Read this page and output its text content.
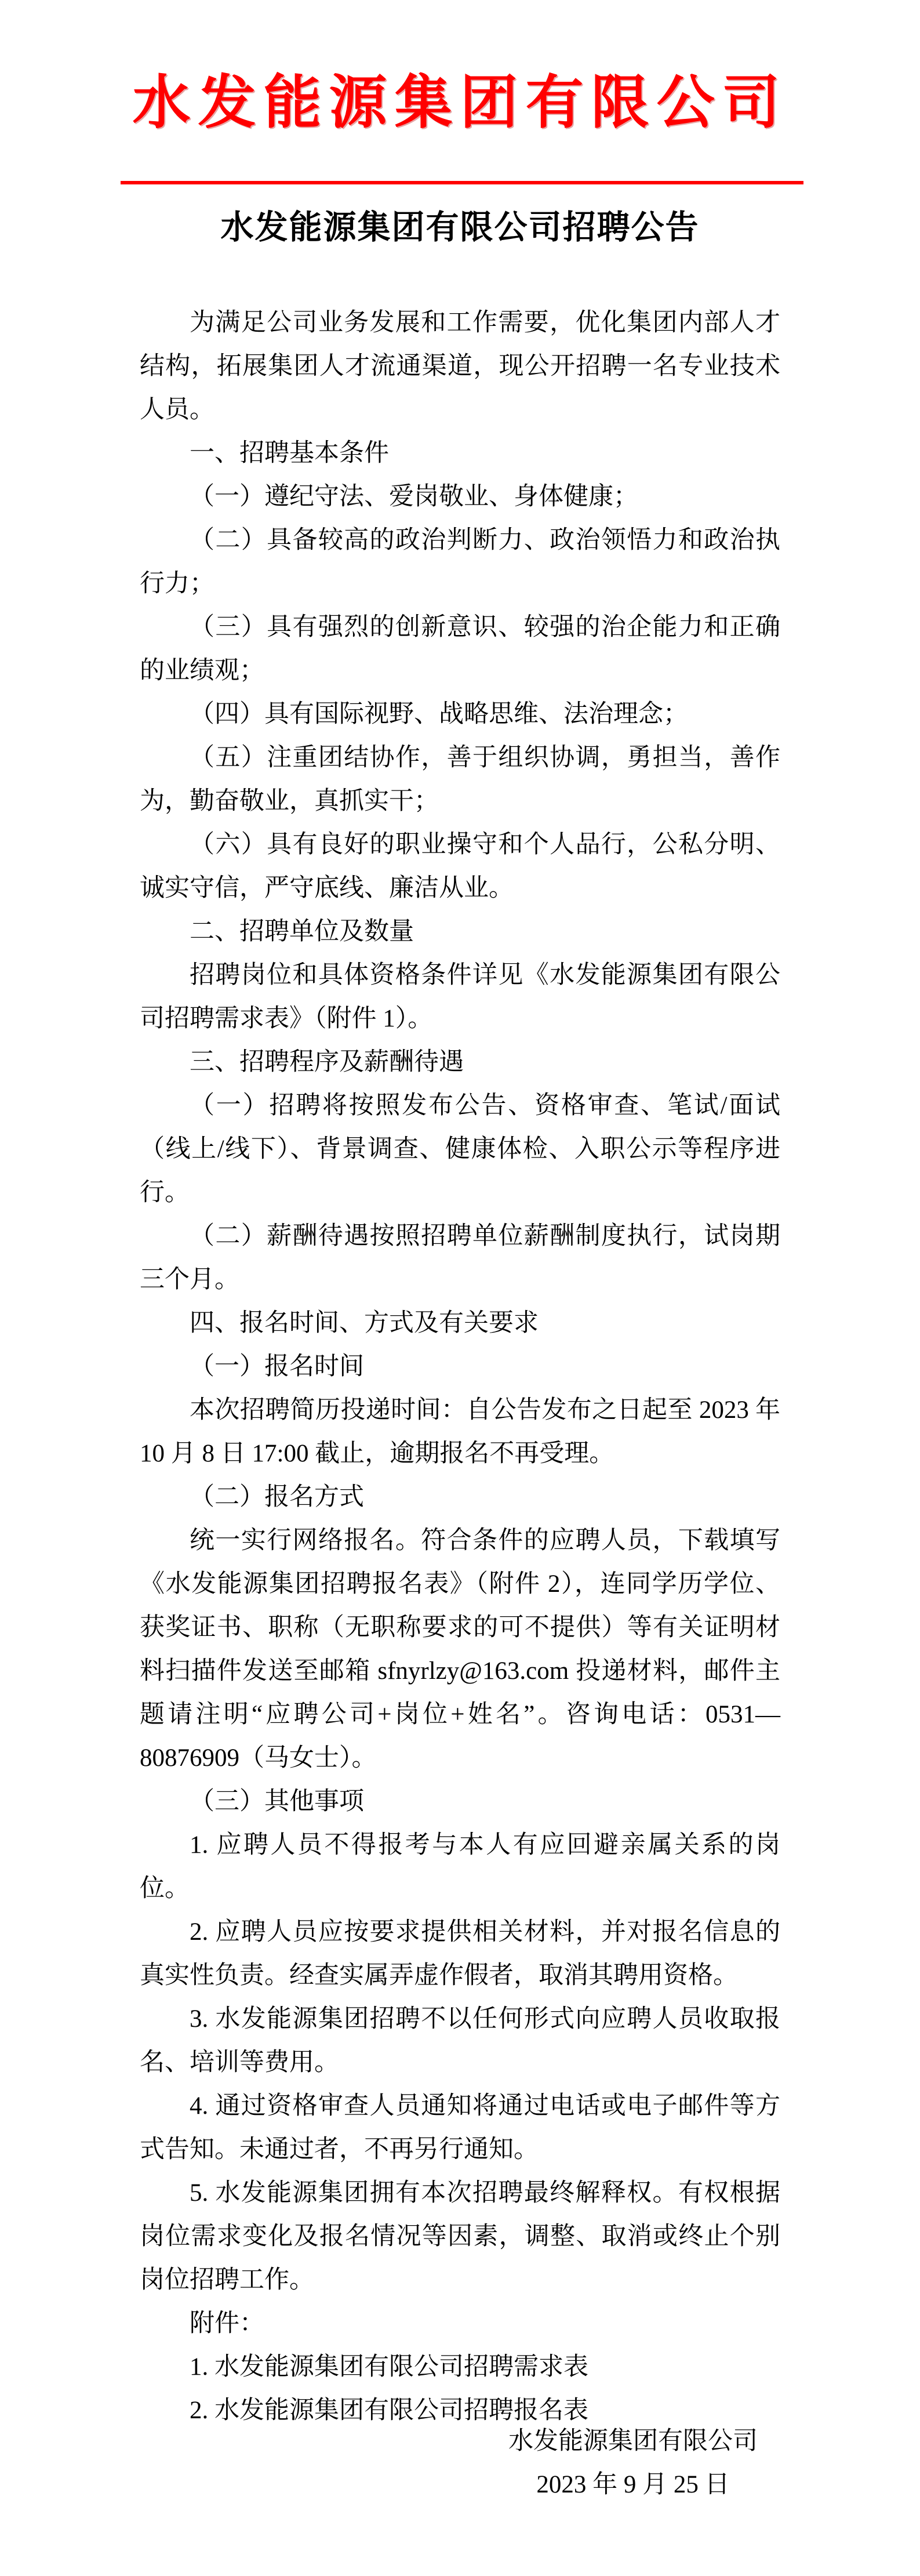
水发能源集团有限公司
水发能源集团有限公司招聘公告

为满足公司业务发展和工作需要，优化集团内部人才结构，拓展集团人才流通渠道，现公开招聘一名专业技术人员。

一、招聘基本条件

（一）遵纪守法、爱岗敬业、身体健康；

（二）具备较高的政治判断力、政治领悟力和政治执行力；

（三）具有强烈的创新意识、较强的治企能力和正确的业绩观；

（四）具有国际视野、战略思维、法治理念；

（五）注重团结协作，善于组织协调，勇担当，善作为，勤奋敬业，真抓实干；

（六）具有良好的职业操守和个人品行，公私分明、诚实守信，严守底线、廉洁从业。

二、招聘单位及数量

招聘岗位和具体资格条件详见《水发能源集团有限公司招聘需求表》（附件 1）。

三、招聘程序及薪酬待遇

（一）招聘将按照发布公告、资格审查、笔试/面试（线上/线下）、背景调查、健康体检、入职公示等程序进行。

（二）薪酬待遇按照招聘单位薪酬制度执行，试岗期三个月。

四、报名时间、方式及有关要求

（一）报名时间

本次招聘简历投递时间：自公告发布之日起至 2023 年 10 月 8 日 17:00 截止，逾期报名不再受理。

（二）报名方式

统一实行网络报名。符合条件的应聘人员，下载填写《水发能源集团招聘报名表》（附件 2），连同学历学位、获奖证书、职称（无职称要求的可不提供）等有关证明材料扫描件发送至邮箱 sfnyrlzy@163.com 投递材料，邮件主题请注明“应聘公司+岗位+姓名”。咨询电话：0531—80876909（马女士）。

（三）其他事项

1. 应聘人员不得报考与本人有应回避亲属关系的岗位。

2. 应聘人员应按要求提供相关材料，并对报名信息的真实性负责。经查实属弄虚作假者，取消其聘用资格。

3. 水发能源集团招聘不以任何形式向应聘人员收取报名、培训等费用。

4. 通过资格审查人员通知将通过电话或电子邮件等方式告知。未通过者，不再另行通知。

5. 水发能源集团拥有本次招聘最终解释权。有权根据岗位需求变化及报名情况等因素，调整、取消或终止个别岗位招聘工作。

附件：

1. 水发能源集团有限公司招聘需求表

2. 水发能源集团有限公司招聘报名表

水发能源集团有限公司
2023 年 9 月 25 日
